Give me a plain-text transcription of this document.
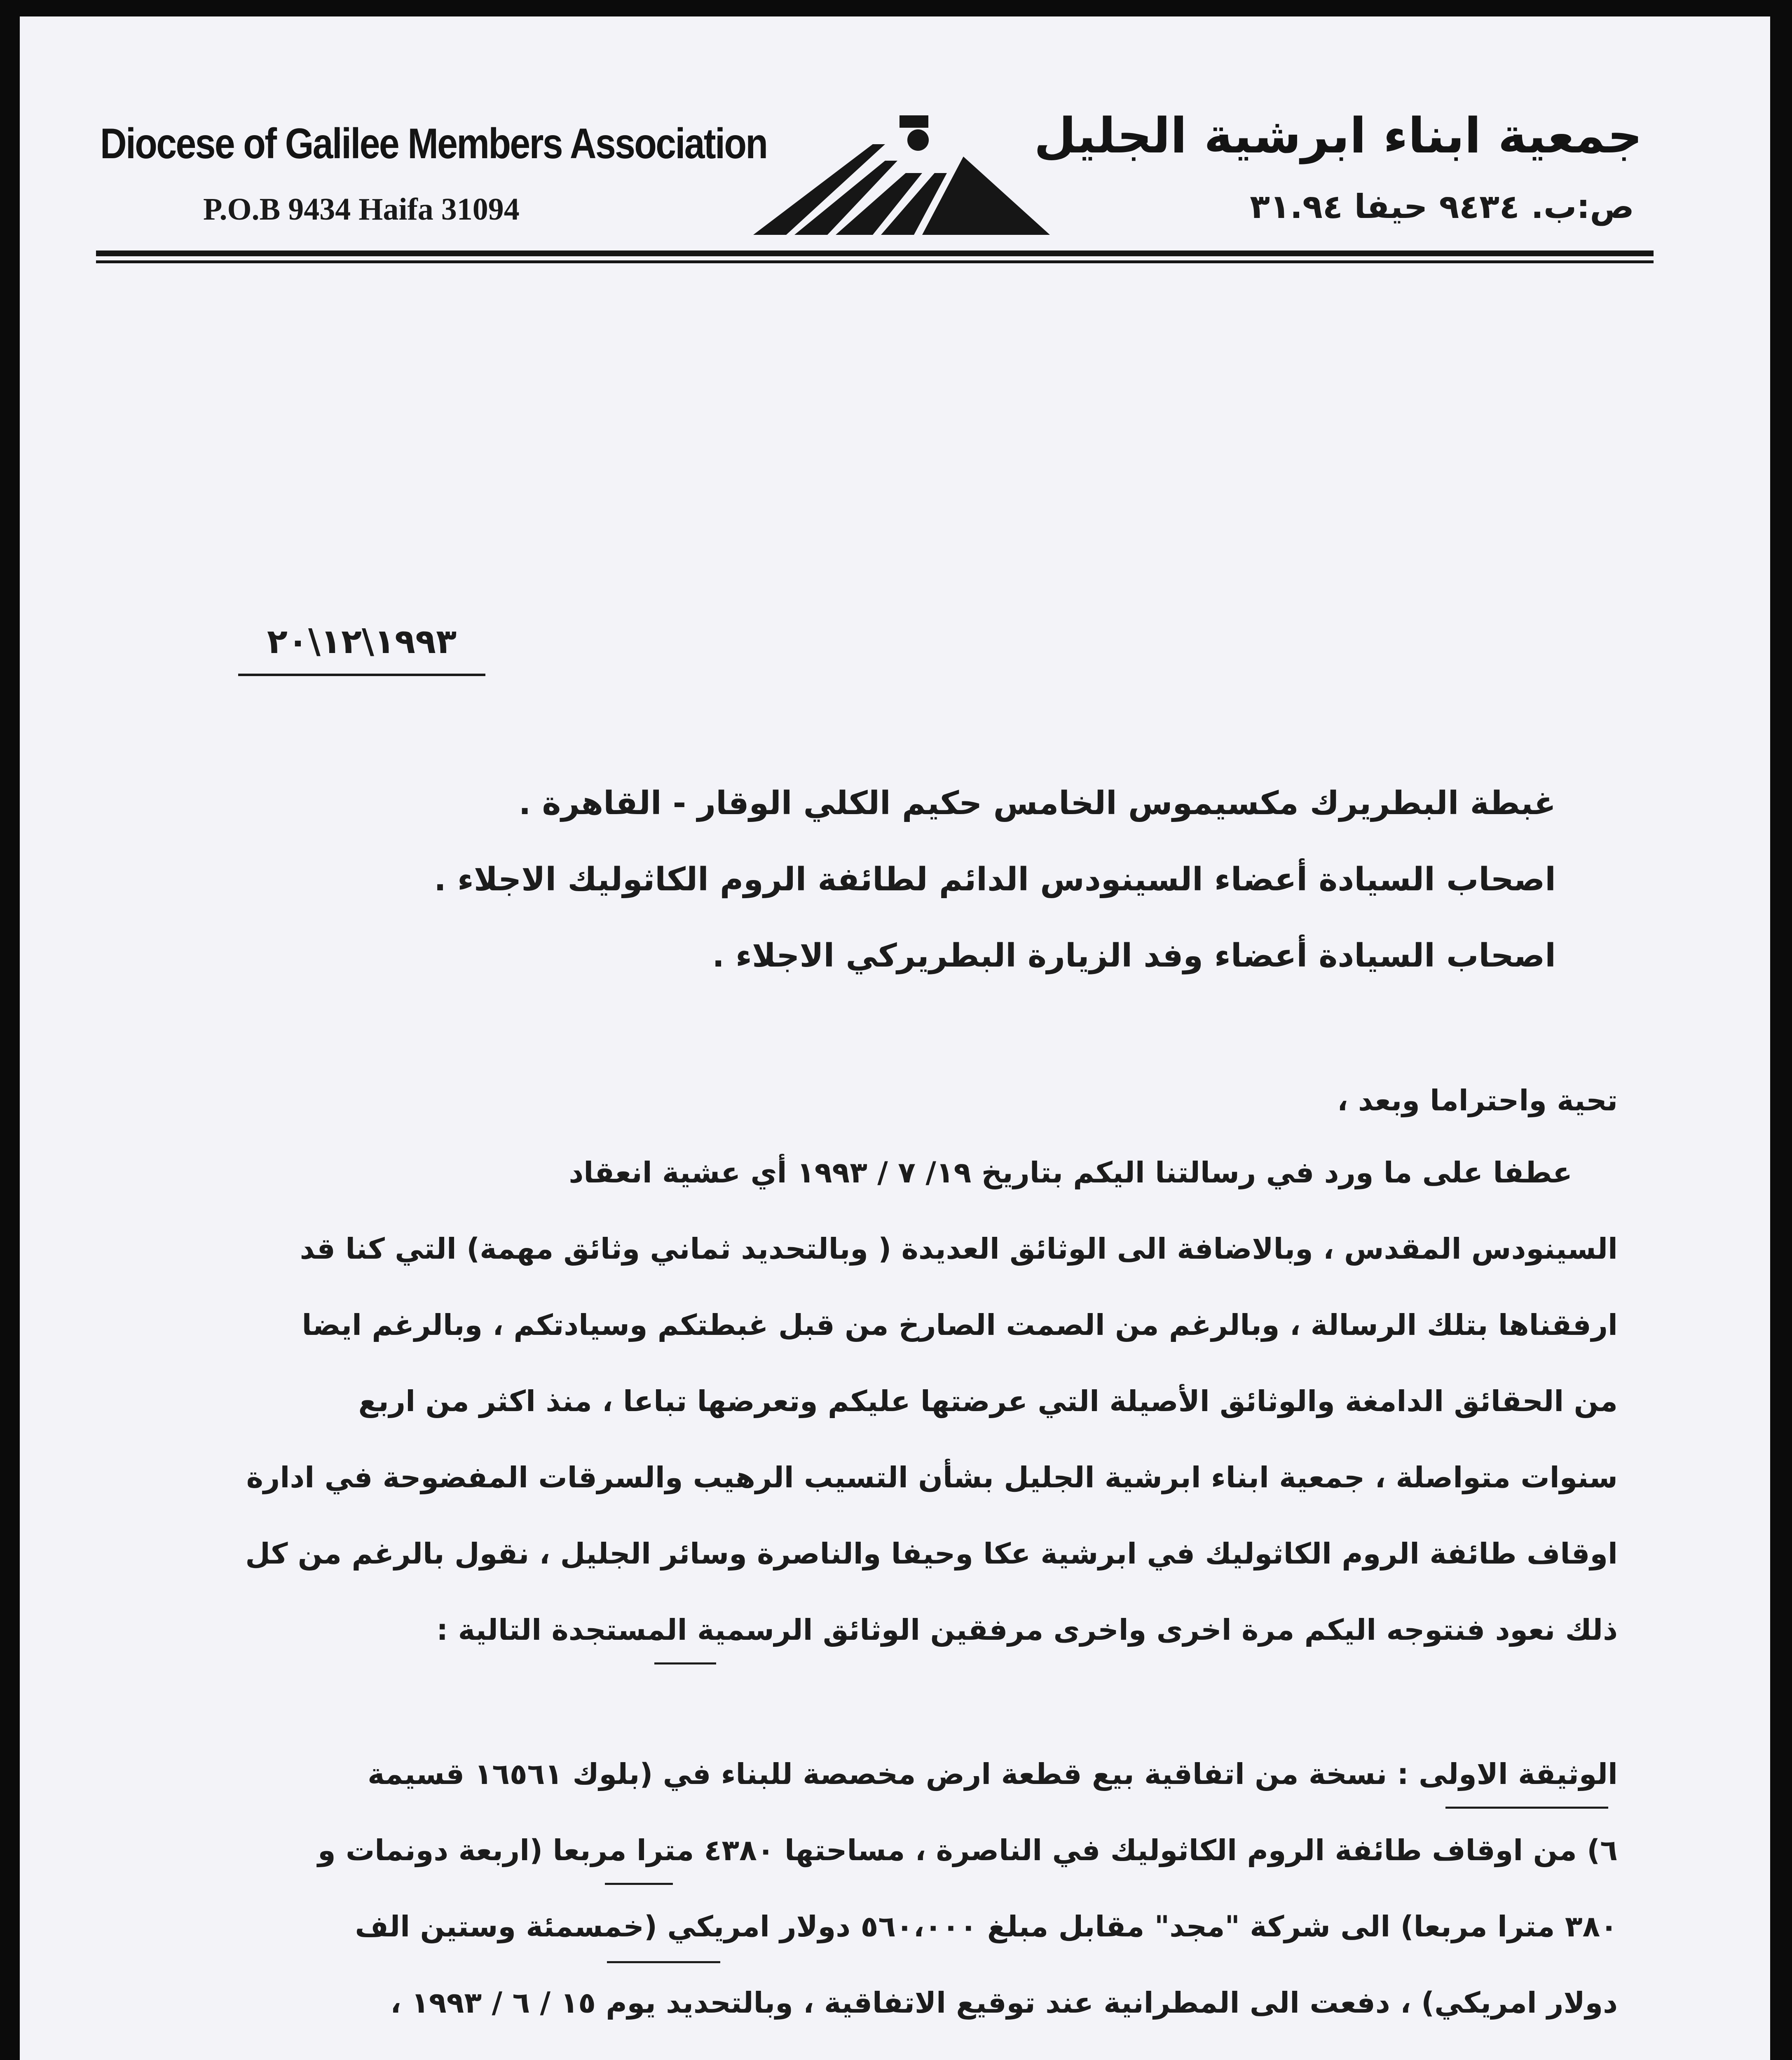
Diocese of Galilee Members Association
P.O.B 9434 Haifa 31094
جمعية ابناء ابرشية الجليل
ص:ب. ٩٤٣٤ حيفا ٣١.٩٤
١٩٩٣\١٢\٢٠
غبطة البطريرك مكسيموس الخامس حكيم الكلي الوقار - القاهرة .
اصحاب السيادة أعضاء السينودس الدائم لطائفة الروم الكاثوليك الاجلاء .
اصحاب السيادة أعضاء وفد الزيارة البطريركي الاجلاء .
تحية واحتراما وبعد ،
عطفا على ما ورد في رسالتنا اليكم بتاريخ ١٩/ ٧ / ١٩٩٣ أي عشية انعقاد
السينودس المقدس ، وبالاضافة الى الوثائق العديدة ( وبالتحديد ثماني وثائق مهمة) التي كنا قد
ارفقناها بتلك الرسالة ، وبالرغم من الصمت الصارخ من قبل غبطتكم وسيادتكم ، وبالرغم ايضا
من الحقائق الدامغة والوثائق الأصيلة التي عرضتها عليكم وتعرضها تباعا ، منذ اكثر من اربع
سنوات متواصلة ، جمعية ابناء ابرشية الجليل بشأن التسيب الرهيب والسرقات المفضوحة في ادارة
اوقاف طائفة الروم الكاثوليك في ابرشية عكا وحيفا والناصرة وسائر الجليل ، نقول بالرغم من كل
ذلك نعود فنتوجه اليكم مرة اخرى واخرى مرفقين الوثائق الرسمية المستجدة التالية :
الوثيقة الاولى : نسخة من اتفاقية بيع قطعة ارض مخصصة للبناء في (بلوك ١٦٥٦١ قسيمة
٦) من اوقاف طائفة الروم الكاثوليك في الناصرة ، مساحتها ٤٣٨٠ مترا مربعا (اربعة دونمات و
٣٨٠ مترا مربعا) الى شركة "مجد" مقابل مبلغ ٥٦٠،٠٠٠ دولار امريكي (خمسمئة وستين الف
دولار امريكي) ، دفعت الى المطرانية عند توقيع الاتفاقية ، وبالتحديد يوم ١٥ / ٦ / ١٩٩٣ ،
